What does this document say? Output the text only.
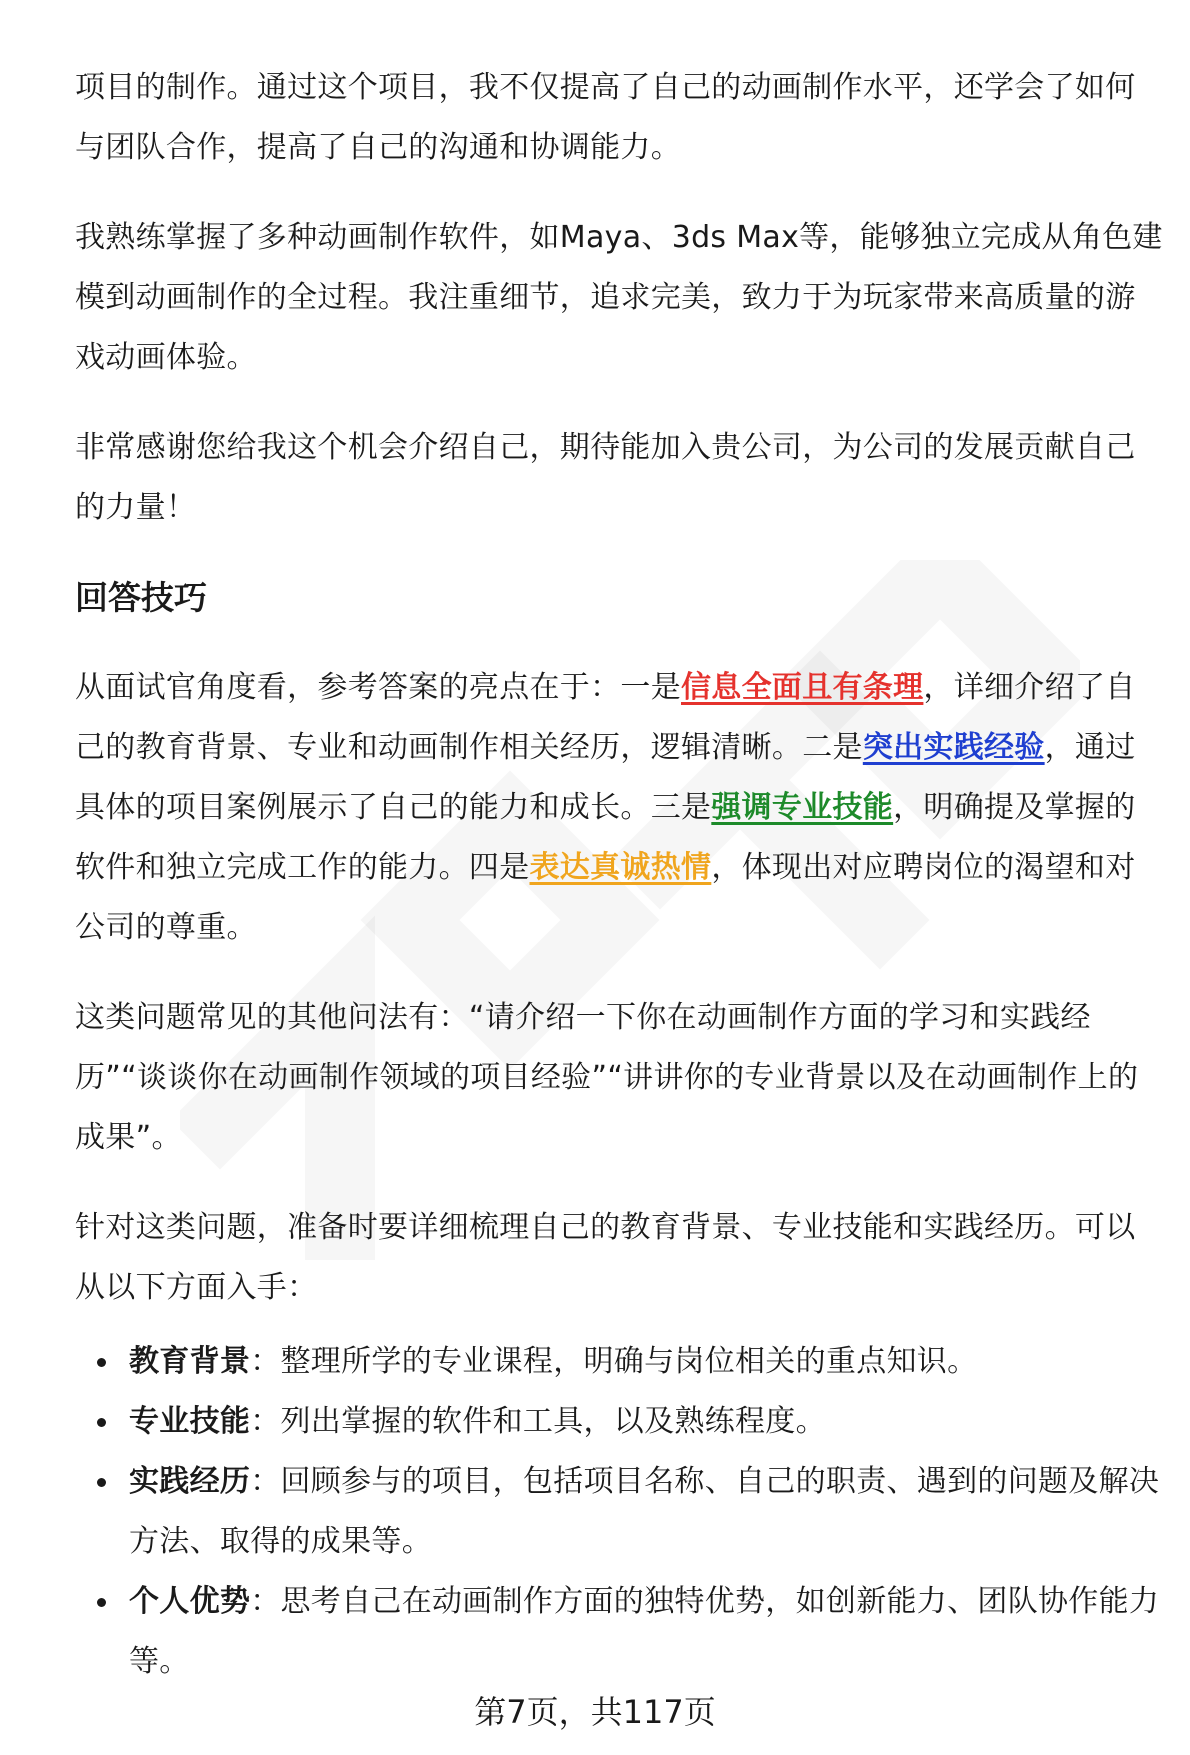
项目的制作。通过这个项目，我不仅提高了自己的动画制作水平，还学会了如何与团队合作，提高了自己的沟通和协调能力。

我熟练掌握了多种动画制作软件，如Maya、3ds Max等，能够独立完成从角色建模到动画制作的全过程。我注重细节，追求完美，致力于为玩家带来高质量的游戏动画体验。

非常感谢您给我这个机会介绍自己，期待能加入贵公司，为公司的发展贡献自己的力量！

回答技巧

从面试官角度看，参考答案的亮点在于：一是信息全面且有条理，详细介绍了自己的教育背景、专业和动画制作相关经历，逻辑清晰。二是突出实践经验，通过具体的项目案例展示了自己的能力和成长。三是强调专业技能，明确提及掌握的软件和独立完成工作的能力。四是表达真诚热情，体现出对应聘岗位的渴望和对公司的尊重。

这类问题常见的其他问法有：“请介绍一下你在动画制作方面的学习和实践经历”“谈谈你在动画制作领域的项目经验”“讲讲你的专业背景以及在动画制作上的成果”。

针对这类问题，准备时要详细梳理自己的教育背景、专业技能和实践经历。可以从以下方面入手：

教育背景：整理所学的专业课程，明确与岗位相关的重点知识。
专业技能：列出掌握的软件和工具，以及熟练程度。
实践经历：回顾参与的项目，包括项目名称、自己的职责、遇到的问题及解决方法、取得的成果等。
个人优势：思考自己在动画制作方面的独特优势，如创新能力、团队协作能力等。
第7页，共117页
